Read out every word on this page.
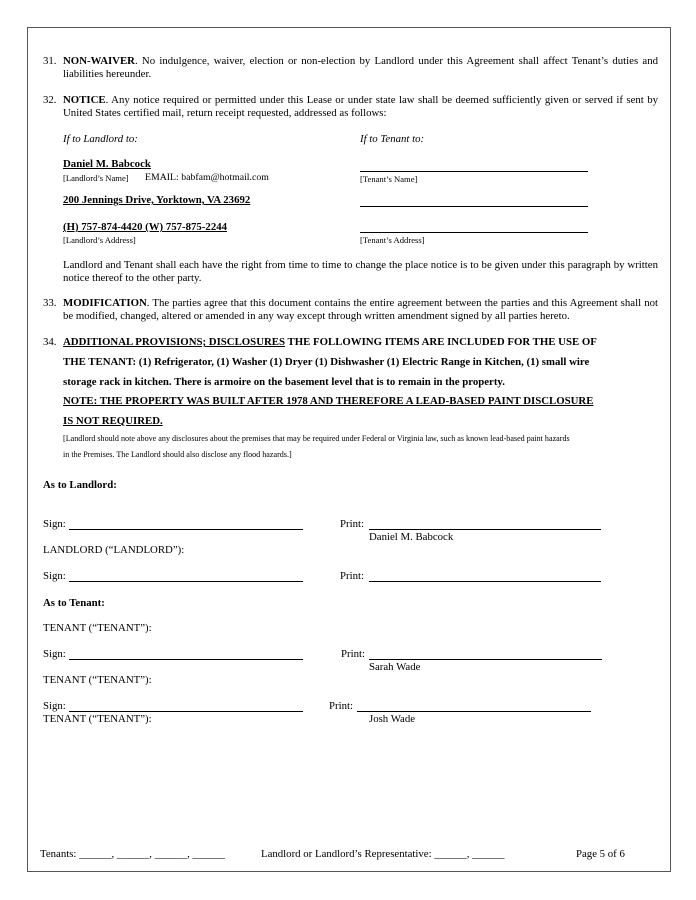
31. NON-WAIVER. No indulgence, waiver, election or non-election by Landlord under this Agreement shall affect Tenant’s duties and liabilities hereunder.
32. NOTICE. Any notice required or permitted under this Lease or under state law shall be deemed sufficiently given or served if sent by United States certified mail, return receipt requested, addressed as follows:
If to Landlord to:	If to Tenant to:
Daniel M. Babcock
[Landlord’s Name] EMAIL: babfam@hotmail.com	[Tenant’s Name]
200 Jennings Drive, Yorktown, VA 23692
(H) 757-874-4420 (W) 757-875-2244
[Landlord’s Address]	[Tenant’s Address]
Landlord and Tenant shall each have the right from time to time to change the place notice is to be given under this paragraph by written notice thereof to the other party.
33. MODIFICATION. The parties agree that this document contains the entire agreement between the parties and this Agreement shall not be modified, changed, altered or amended in any way except through written amendment signed by all parties hereto.
34. ADDITIONAL PROVISIONS; DISCLOSURES THE FOLLOWING ITEMS ARE INCLUDED FOR THE USE OF
THE TENANT: (1) Refrigerator, (1) Washer (1) Dryer (1) Dishwasher (1) Electric Range in Kitchen, (1) small wire
storage rack in kitchen. There is armoire on the basement level that is to remain in the property.
NOTE: THE PROPERTY WAS BUILT AFTER 1978 AND THEREFORE A LEAD-BASED PAINT DISCLOSURE
IS NOT REQUIRED.
[Landlord should note above any disclosures about the premises that may be required under Federal or Virginia law, such as known lead-based paint hazards
in the Premises. The Landlord should also disclose any flood hazards.]
As to Landlord:
Sign:	Print:
Daniel M. Babcock
LANDLORD (“LANDLORD”):
Sign:	Print:
As to Tenant:
TENANT (“TENANT”):
Sign:	Print:
Sarah Wade
TENANT (“TENANT”):
Sign:	Print:
Josh Wade
TENANT (“TENANT”):
Tenants: ______, ______, ______, ______	Landlord or Landlord’s Representative: ______, ______	Page 5 of 6
